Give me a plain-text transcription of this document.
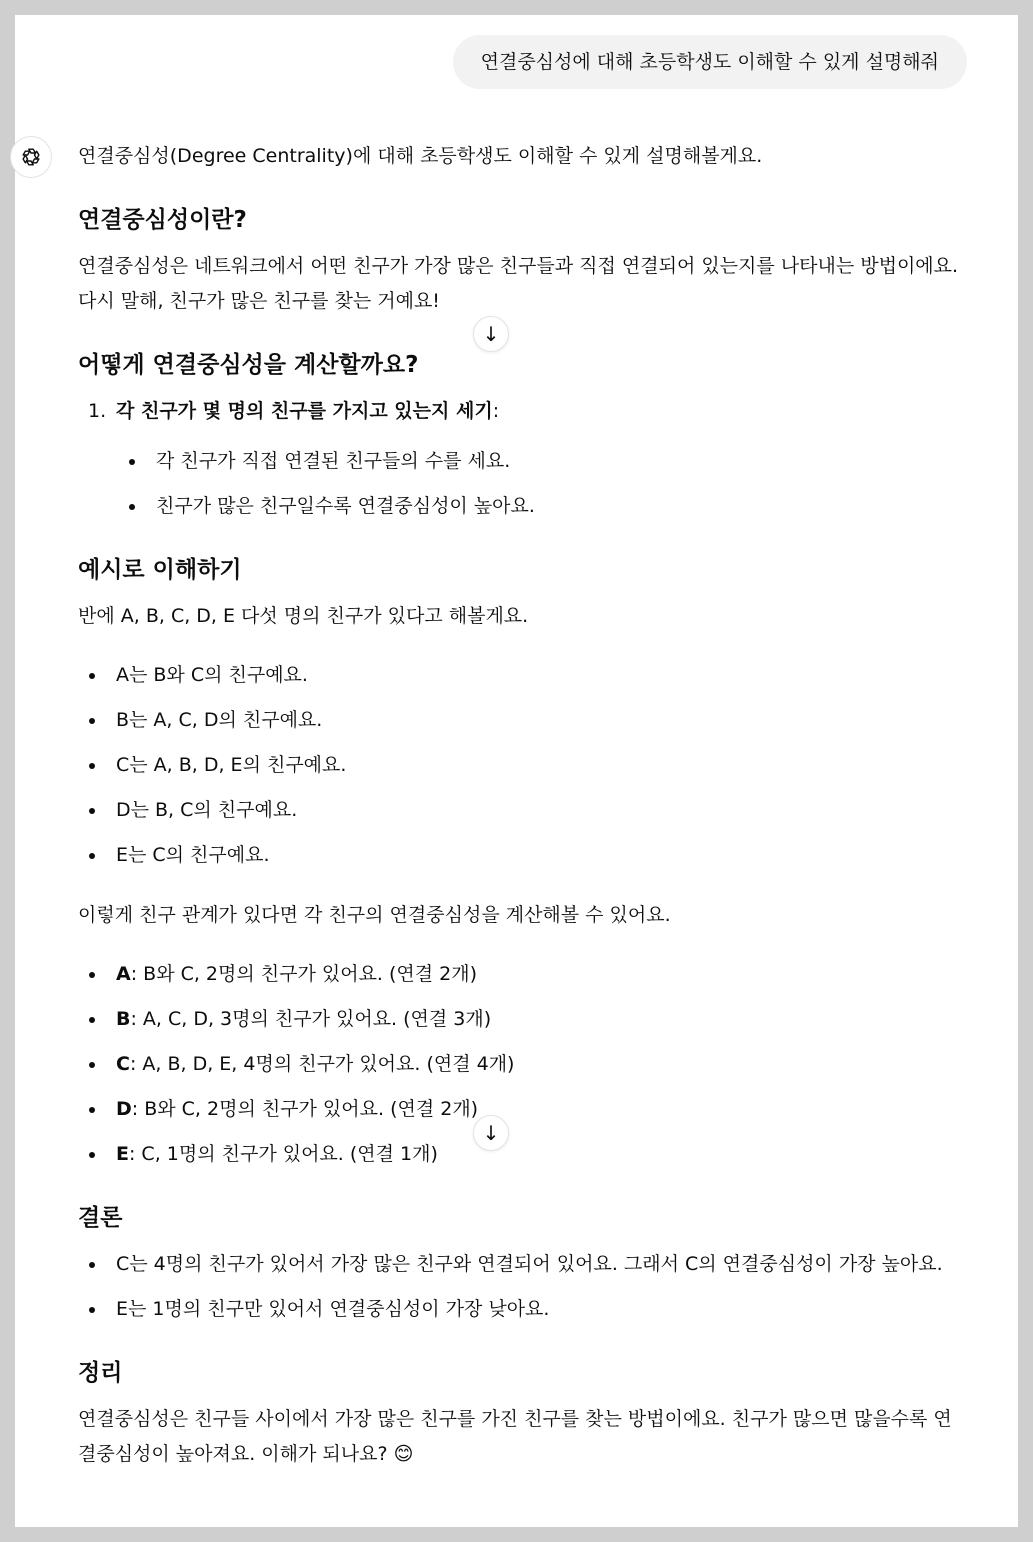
연결중심성에 대해 초등학생도 이해할 수 있게 설명해줘

연결중심성(Degree Centrality)에 대해 초등학생도 이해할 수 있게 설명해볼게요.

연결중심성이란?

연결중심성은 네트워크에서 어떤 친구가 가장 많은 친구들과 직접 연결되어 있는지를 나타내는 방법이에요. 다시 말해, 친구가 많은 친구를 찾는 거예요!

어떻게 연결중심성을 계산할까요?
1. 각 친구가 몇 명의 친구를 가지고 있는지 세기:
각 친구가 직접 연결된 친구들의 수를 세요.
친구가 많은 친구일수록 연결중심성이 높아요.
예시로 이해하기

반에 A, B, C, D, E 다섯 명의 친구가 있다고 해볼게요.

A는 B와 C의 친구예요.
B는 A, C, D의 친구예요.
C는 A, B, D, E의 친구예요.
D는 B, C의 친구예요.
E는 C의 친구예요.

이렇게 친구 관계가 있다면 각 친구의 연결중심성을 계산해볼 수 있어요.

A: B와 C, 2명의 친구가 있어요. (연결 2개)
B: A, C, D, 3명의 친구가 있어요. (연결 3개)
C: A, B, D, E, 4명의 친구가 있어요. (연결 4개)
D: B와 C, 2명의 친구가 있어요. (연결 2개)
E: C, 1명의 친구가 있어요. (연결 1개)
결론
C는 4명의 친구가 있어서 가장 많은 친구와 연결되어 있어요. 그래서 C의 연결중심성이 가장 높아요.
E는 1명의 친구만 있어서 연결중심성이 가장 낮아요.
정리

연결중심성은 친구들 사이에서 가장 많은 친구를 가진 친구를 찾는 방법이에요. 친구가 많으면 많을수록 연결중심성이 높아져요. 이해가 되나요? 😊

↓
↓
